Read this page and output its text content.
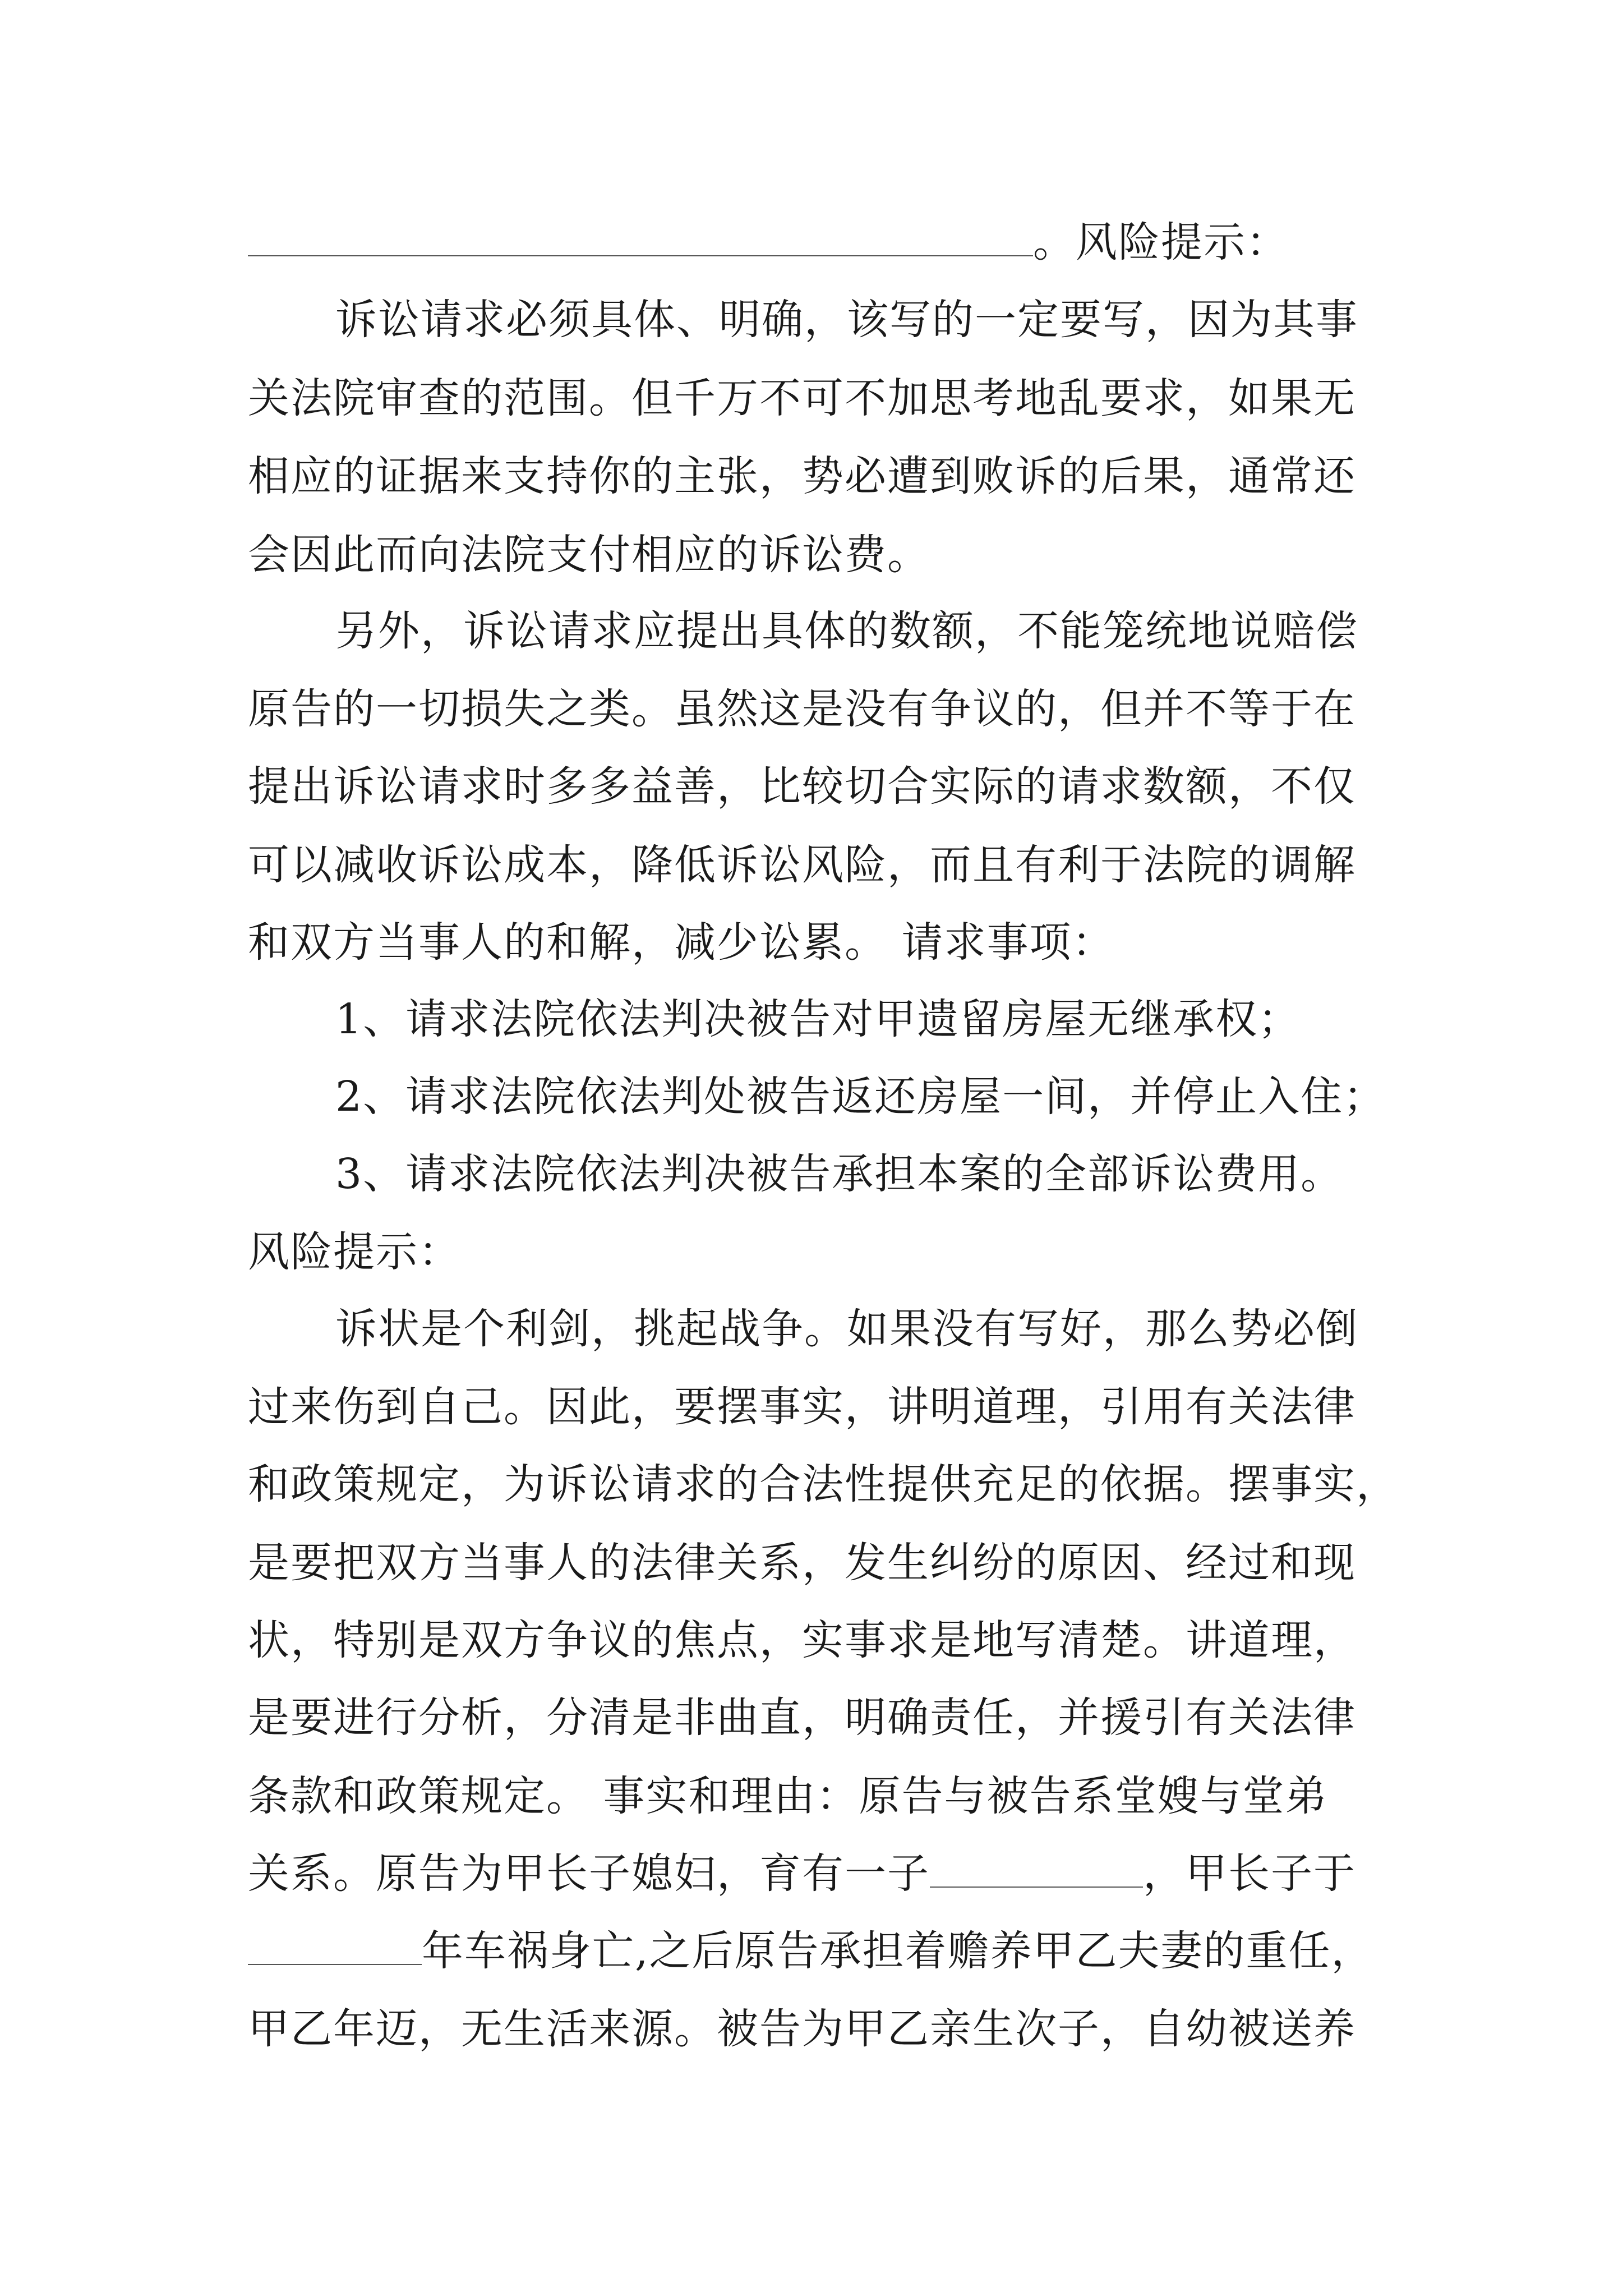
。风险提示：
诉讼请求必须具体、明确，该写的一定要写，因为其事
关法院审查的范围。但千万不可不加思考地乱要求，如果无
相应的证据来支持你的主张，势必遭到败诉的后果，通常还
会因此而向法院支付相应的诉讼费。
另外，诉讼请求应提出具体的数额，不能笼统地说赔偿
原告的一切损失之类。虽然这是没有争议的，但并不等于在
提出诉讼请求时多多益善，比较切合实际的请求数额，不仅
可以减收诉讼成本，降低诉讼风险，而且有利于法院的调解
和双方当事人的和解，减少讼累。 请求事项：
1、请求法院依法判决被告对甲遗留房屋无继承权；
2、请求法院依法判处被告返还房屋一间，并停止入住；
3、请求法院依法判决被告承担本案的全部诉讼费用。
风险提示：
诉状是个利剑，挑起战争。如果没有写好，那么势必倒
过来伤到自己。因此，要摆事实，讲明道理，引用有关法律
和政策规定，为诉讼请求的合法性提供充足的依据。摆事实，
是要把双方当事人的法律关系，发生纠纷的原因、经过和现
状，特别是双方争议的焦点，实事求是地写清楚。讲道理，
是要进行分析，分清是非曲直，明确责任，并援引有关法律
条款和政策规定。 事实和理由：原告与被告系堂嫂与堂弟
关系。原告为甲长子媳妇，育有一子	，甲长子于
年车祸身亡,之后原告承担着赡养甲乙夫妻的重任，
甲乙年迈，无生活来源。被告为甲乙亲生次子，自幼被送养
